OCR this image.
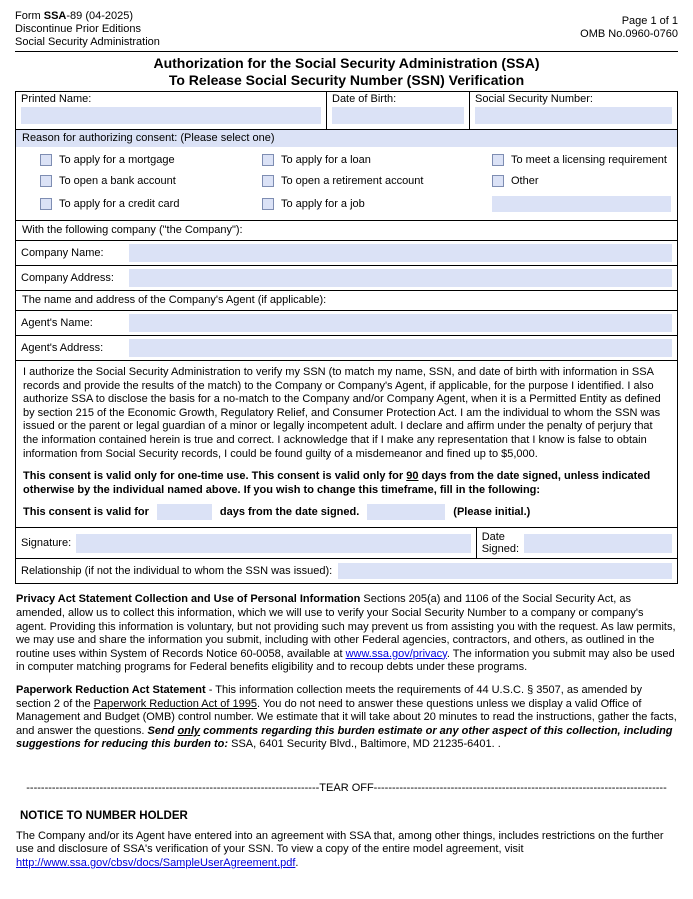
Form SSA-89 (04-2025)
Discontinue Prior Editions
Social Security Administration
Page 1 of 1
OMB No.0960-0760
Authorization for the Social Security Administration (SSA)
To Release Social Security Number (SSN) Verification
Printed Name:	Date of Birth:	Social Security Number:
Reason for authorizing consent: (Please select one)
To apply for a mortgage	To apply for a loan	To meet a licensing requirement
To open a bank account	To open a retirement account	Other
To apply for a credit card	To apply for a job
With the following company ("the Company"):
Company Name:
Company Address:
The name and address of the Company's Agent (if applicable):
Agent's Name:
Agent's Address:

I authorize the Social Security Administration to verify my SSN (to match my name, SSN, and date of birth with information in SSA records and provide the results of the match) to the Company or Company's Agent, if applicable, for the purpose I identified. I also authorize SSA to disclose the basis for a no-match to the Company and/or Company Agent, when it is a Permitted Entity as defined by section 215 of the Economic Growth, Regulatory Relief, and Consumer Protection Act. I am the individual to whom the SSN was issued or the parent or legal guardian of a minor or legally incompetent adult. I declare and affirm under the penalty of perjury that the information contained herein is true and correct. I acknowledge that if I make any representation that I know is false to obtain information from Social Security records, I could be found guilty of a misdemeanor and fined up to $5,000.

This consent is valid only for one-time use. This consent is valid only for 90 days from the date signed, unless indicated otherwise by the individual named above. If you wish to change this timeframe, fill in the following:

This consent is valid for	days from the date signed.	(Please initial.)
Signature:	Date Signed:
Relationship (if not the individual to whom the SSN was issued):

Privacy Act Statement Collection and Use of Personal Information Sections 205(a) and 1106 of the Social Security Act, as amended, allow us to collect this information, which we will use to verify your Social Security Number to a company or company's agent. Providing this information is voluntary, but not providing such may prevent us from assisting you with the request. As law permits, we may use and share the information you submit, including with other Federal agencies, contractors, and others, as outlined in the routine uses within System of Records Notice 60-0058, available at www.ssa.gov/privacy. The information you submit may also be used in computer matching programs for Federal benefits eligibility and to recoup debts under these programs.

Paperwork Reduction Act Statement - This information collection meets the requirements of 44 U.S.C. § 3507, as amended by section 2 of the Paperwork Reduction Act of 1995. You do not need to answer these questions unless we display a valid Office of Management and Budget (OMB) control number. We estimate that it will take about 20 minutes to read the instructions, gather the facts, and answer the questions. Send only comments regarding this burden estimate or any other aspect of this collection, including suggestions for reducing this burden to: SSA, 6401 Security Blvd., Baltimore, MD 21235-6401. .

--------------------------------------------------------------------------------TEAR OFF--------------------------------------------------------------------------------
NOTICE TO NUMBER HOLDER

The Company and/or its Agent have entered into an agreement with SSA that, among other things, includes restrictions on the further use and disclosure of SSA's verification of your SSN. To view a copy of the entire model agreement, visit http://www.ssa.gov/cbsv/docs/SampleUserAgreement.pdf.
